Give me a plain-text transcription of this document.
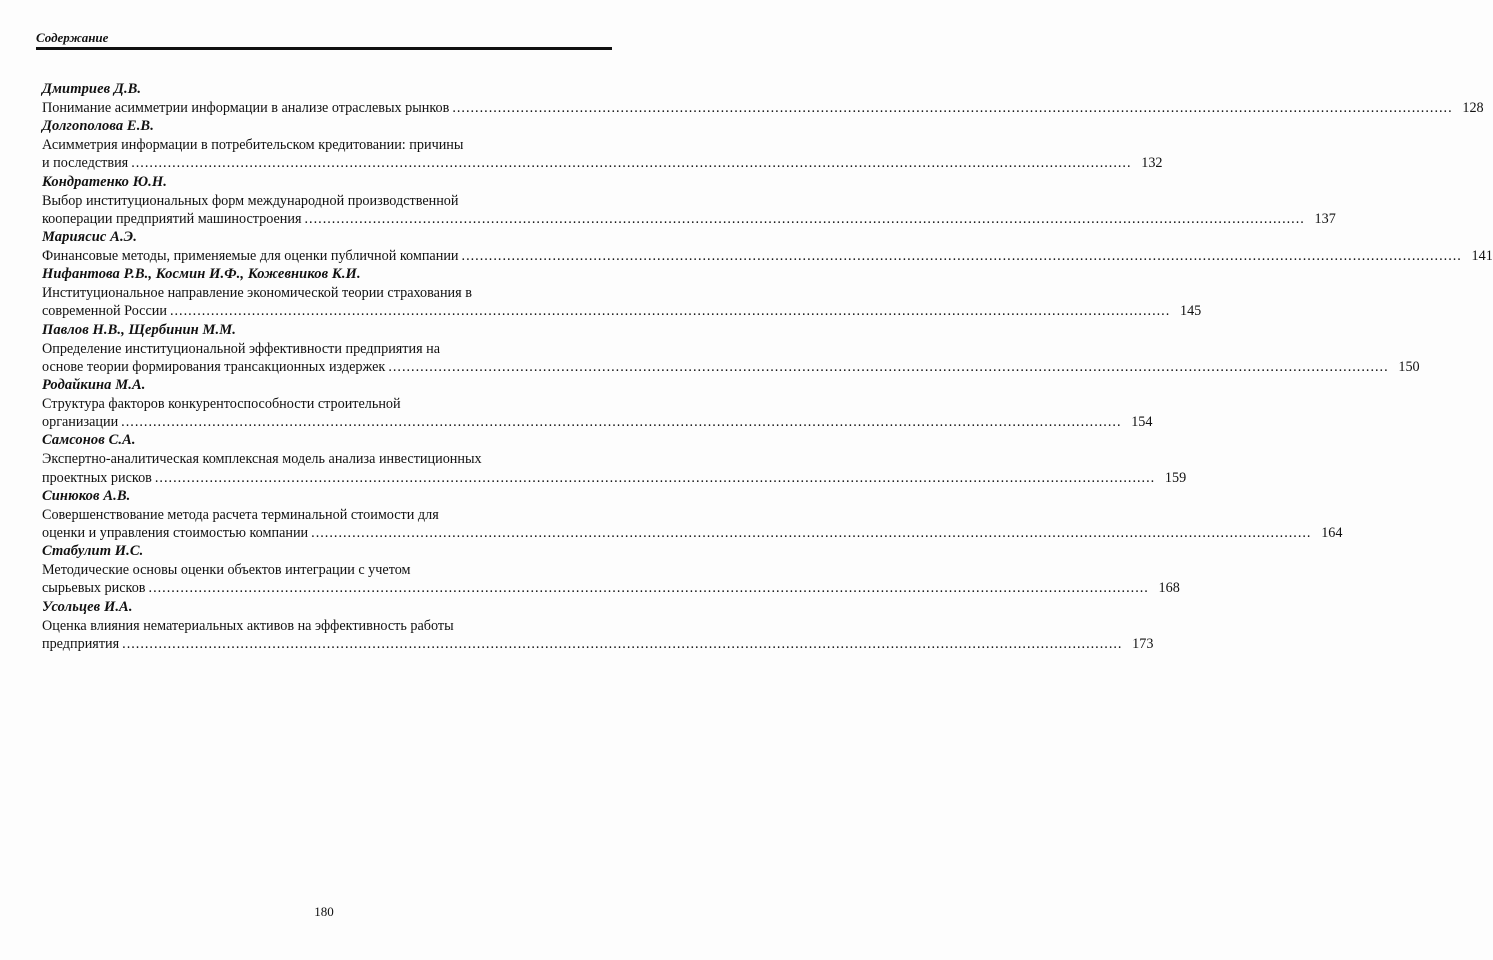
Содержание
Дмитриев Д.В.
Понимание асимметрии информации в анализе отраслевых рынков ............................................................................................................................................................................................................................ 128
Долгополова Е.В.
Асимметрия информации в потребительском кредитовании: причины
и последствия ............................................................................................................................................................................................................................ 132
Кондратенко Ю.Н.
Выбор институциональных форм международной производственной
кооперации предприятий машиностроения ............................................................................................................................................................................................................................ 137
Мариясис А.Э.
Финансовые методы, применяемые для оценки публичной компании ............................................................................................................................................................................................................................ 141
Нифантова Р.В., Космин И.Ф., Кожевников К.И.
Институциональное направление экономической теории страхования в
современной России ............................................................................................................................................................................................................................ 145
Павлов Н.В., Щербинин М.М.
Определение институциональной эффективности предприятия на
основе теории формирования трансакционных издержек ............................................................................................................................................................................................................................ 150
Родайкина М.А.
Структура факторов конкурентоспособности строительной
организации ............................................................................................................................................................................................................................ 154
Самсонов С.А.
Экспертно-аналитическая комплексная модель анализа инвестиционных
проектных рисков ............................................................................................................................................................................................................................ 159
Синюков А.В.
Совершенствование метода расчета терминальной стоимости для
оценки и управления стоимостью компании ............................................................................................................................................................................................................................ 164
Стабулит И.С.
Методические основы оценки объектов интеграции с учетом
сырьевых рисков ............................................................................................................................................................................................................................ 168
Усольцев И.А.
Оценка влияния нематериальных активов на эффективность работы
предприятия ............................................................................................................................................................................................................................ 173
180
